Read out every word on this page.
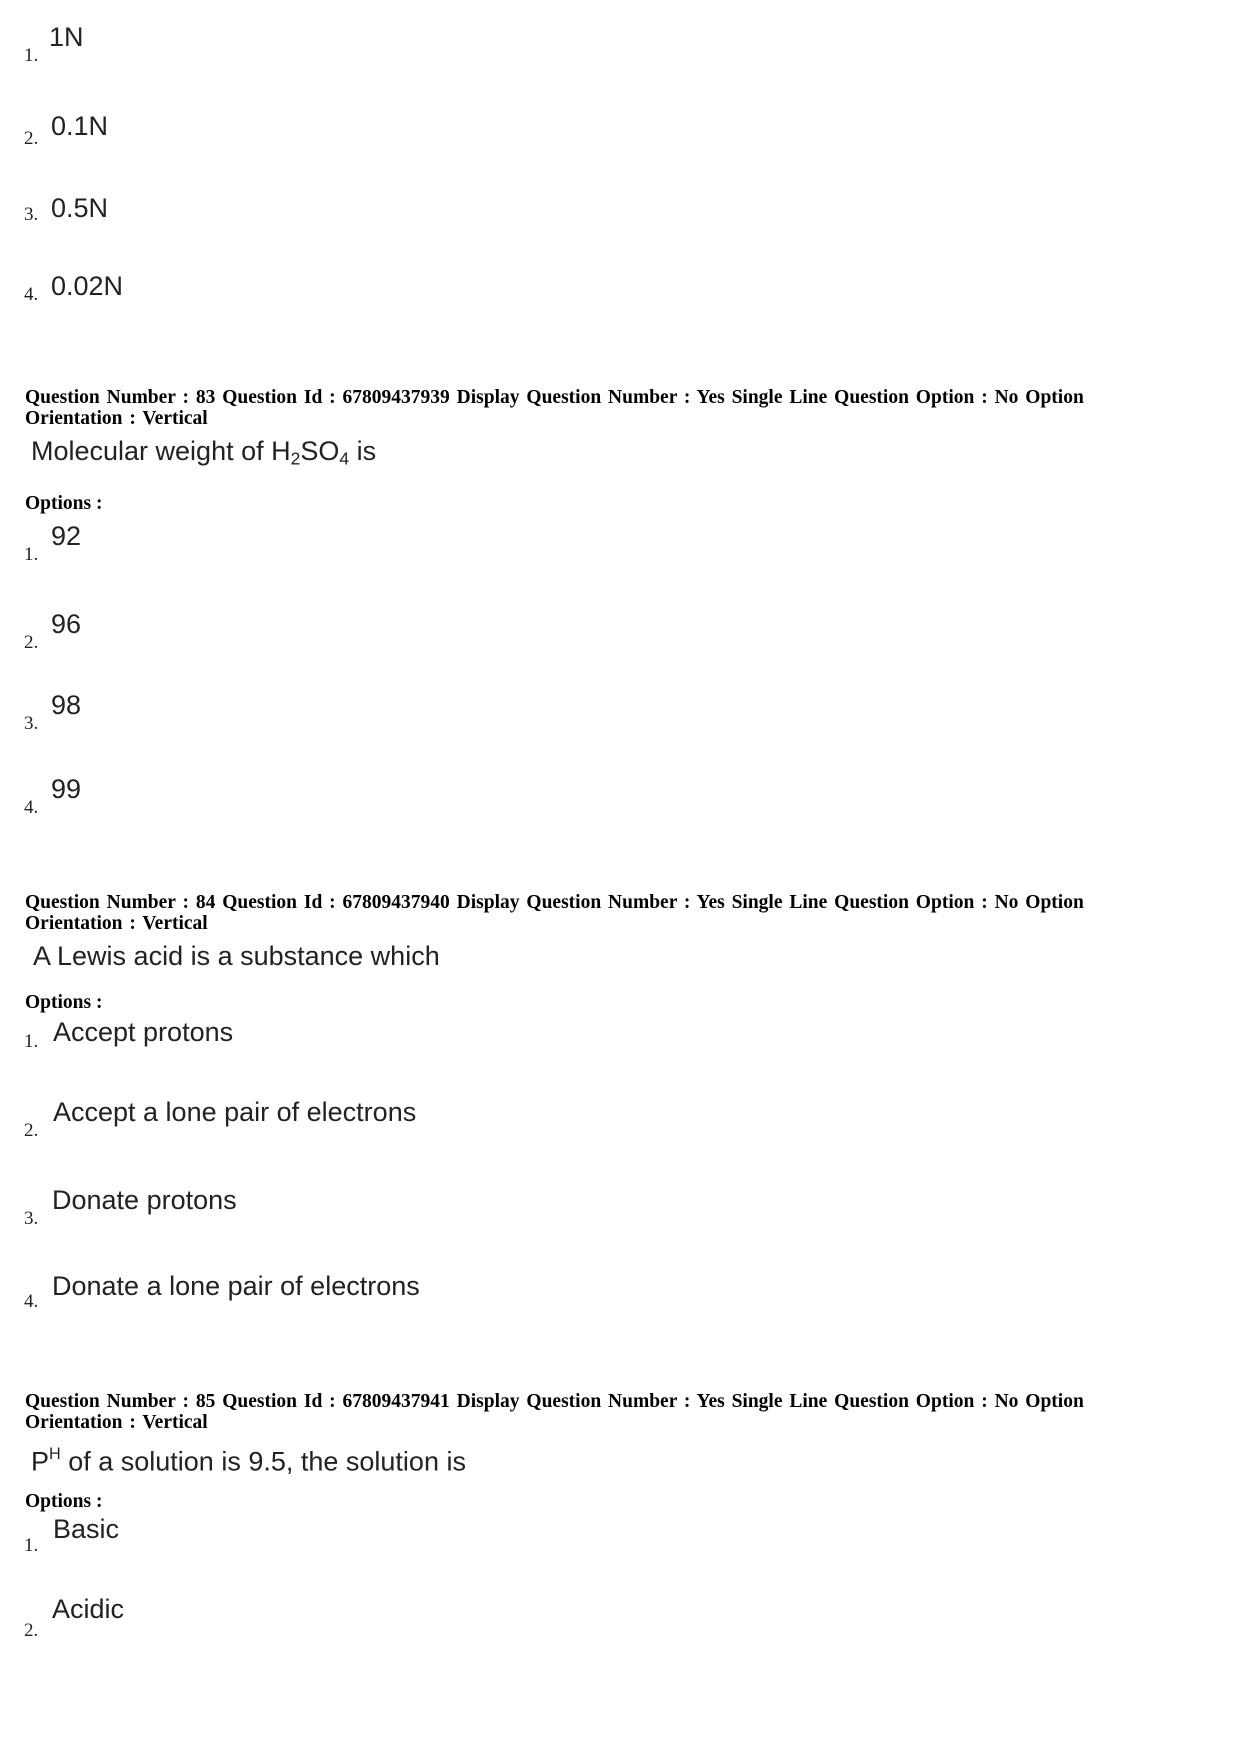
1.
1N
2. 0.1N
3. 0.5N
4. 0.02N
Question Number : 83 Question Id : 67809437939 Display Question Number : Yes Single Line Question Option : No Option
Orientation : Vertical
Molecular weight of $H_2SO_4$ is
Options :
1.
92
2.
96
3.
98
4.
99
Question Number : 84 Question Id : 67809437940 Display Question Number : Yes Single Line Question Option : No Option
Orientation : Vertical
A Lewis acid is a substance which
Options :
1. Accept protons
2.
Accept a lone pair of electrons
3.
Donate protons
4.
Donate a lone pair of electrons
Question Number : 85 Question Id : 67809437941 Display Question Number : Yes Single Line Question Option : No Option
Orientation : Vertical
$P^H$ of a solution is 9.5, the solution is
Options :
1.
Basic
2.
Acidic
